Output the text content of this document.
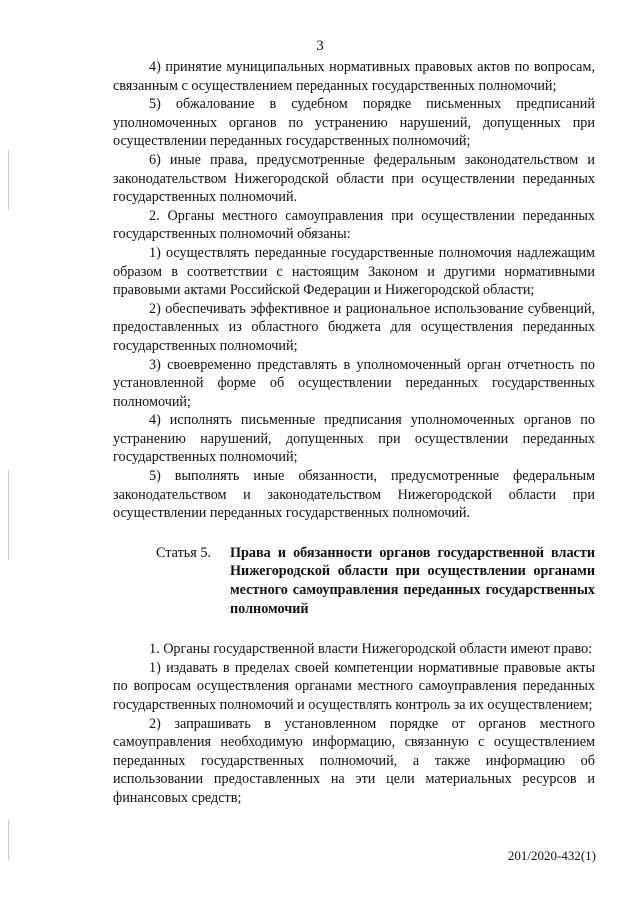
3

4) принятие муниципальных нормативных правовых актов по вопросам, связанным с осуществлением переданных государственных полномочий;

5) обжалование в судебном порядке письменных предписаний уполномоченных органов по устранению нарушений, допущенных при осуществлении переданных государственных полномочий;

6) иные права, предусмотренные федеральным законодательством и законодательством Нижегородской области при осуществлении переданных государственных полномочий.

2. Органы местного самоуправления при осуществлении переданных государственных полномочий обязаны:

1) осуществлять переданные государственные полномочия надлежащим образом в соответствии с настоящим Законом и другими нормативными правовыми актами Российской Федерации и Нижегородской области;

2) обеспечивать эффективное и рациональное использование субвенций, предоставленных из областного бюджета для осуществления переданных государственных полномочий;

3) своевременно представлять в уполномоченный орган отчетность по установленной форме об осуществлении переданных государственных полномочий;

4) исполнять письменные предписания уполномоченных органов по устранению нарушений, допущенных при осуществлении переданных государственных полномочий;

5) выполнять иные обязанности, предусмотренные федеральным законодательством и законодательством Нижегородской области при осуществлении переданных государственных полномочий.

Статья 5.	Права и обязанности органов государственной власти Нижегородской области при осуществлении органами местного самоуправления переданных государственных полномочий

1. Органы государственной власти Нижегородской области имеют право:

1) издавать в пределах своей компетенции нормативные правовые акты по вопросам осуществления органами местного самоуправления переданных государственных полномочий и осуществлять контроль за их осуществлением;

2) запрашивать в установленном порядке от органов местного самоуправления необходимую информацию, связанную с осуществлением переданных государственных полномочий, а также информацию об использовании предоставленных на эти цели материальных ресурсов и финансовых средств;

201/2020-432(1)
